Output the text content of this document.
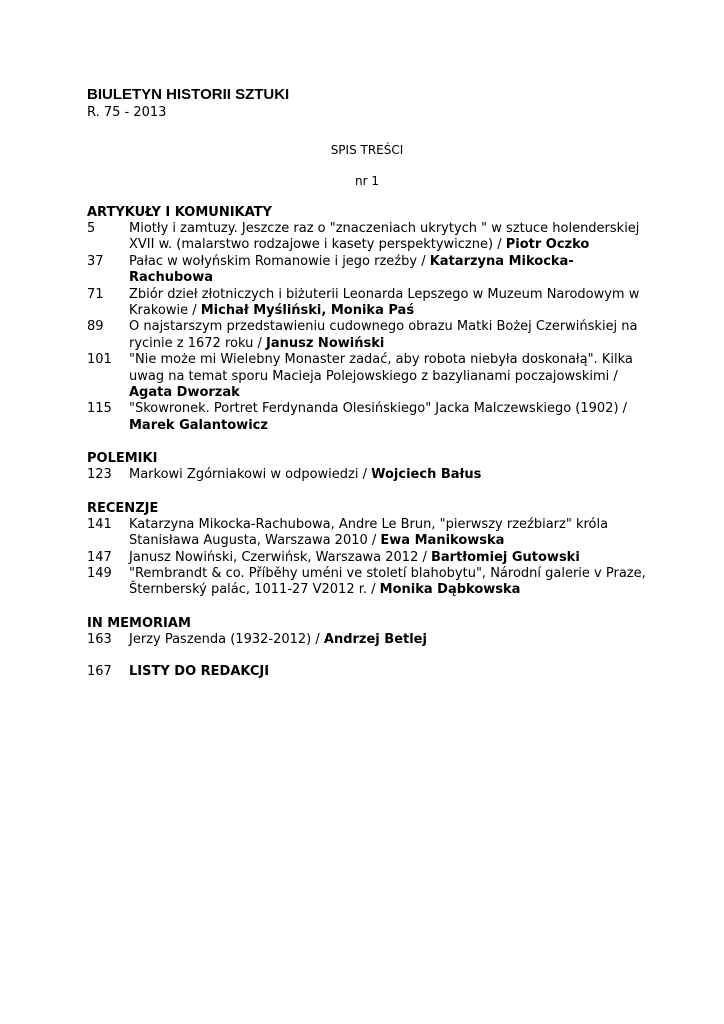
BIULETYN HISTORII SZTUKI

R. 75 - 2013

SPIS TREŚCI
nr 1
ARTYKUŁY I KOMUNIKATY
5	Miotły i zamtuzy. Jeszcze raz o "znaczeniach ukrytych " w sztuce holenderskiej XVII w. (malarstwo rodzajowe i kasety perspektywiczne) / Piotr Oczko
37	Pałac w wołyńskim Romanowie i jego rzeźby / Katarzyna Mikocka-Rachubowa
71	Zbiór dzieł złotniczych i biżuterii Leonarda Lepszego w Muzeum Narodowym w Krakowie / Michał Myśliński, Monika Paś
89	O najstarszym przedstawieniu cudownego obrazu Matki Bożej Czerwińskiej na rycinie z 1672 roku / Janusz Nowiński
101	"Nie może mi Wielebny Monaster zadać, aby robota niebyła doskonałą". Kilka uwag na temat sporu Macieja Polejowskiego z bazylianami poczajowskimi / Agata Dworzak
115	"Skowronek. Portret Ferdynanda Olesińskiego" Jacka Malczewskiego (1902) / Marek Galantowicz
POLEMIKI
123	Markowi Zgórniakowi w odpowiedzi / Wojciech Bałus
RECENZJE
141	Katarzyna Mikocka-Rachubowa, Andre Le Brun, "pierwszy rzeźbiarz" króla Stanisława Augusta, Warszawa 2010 / Ewa Manikowska
147	Janusz Nowiński, Czerwińsk, Warszawa 2012 / Bartłomiej Gutowski
149	"Rembrandt & co. Příběhy uméni ve století blahobytu", Národní galerie v Praze, Šternberský palác, 1011-27 V2012 r. / Monika Dąbkowska
IN MEMORIAM
163	Jerzy Paszenda (1932-2012) / Andrzej Betlej
167	LISTY DO REDAKCJI
